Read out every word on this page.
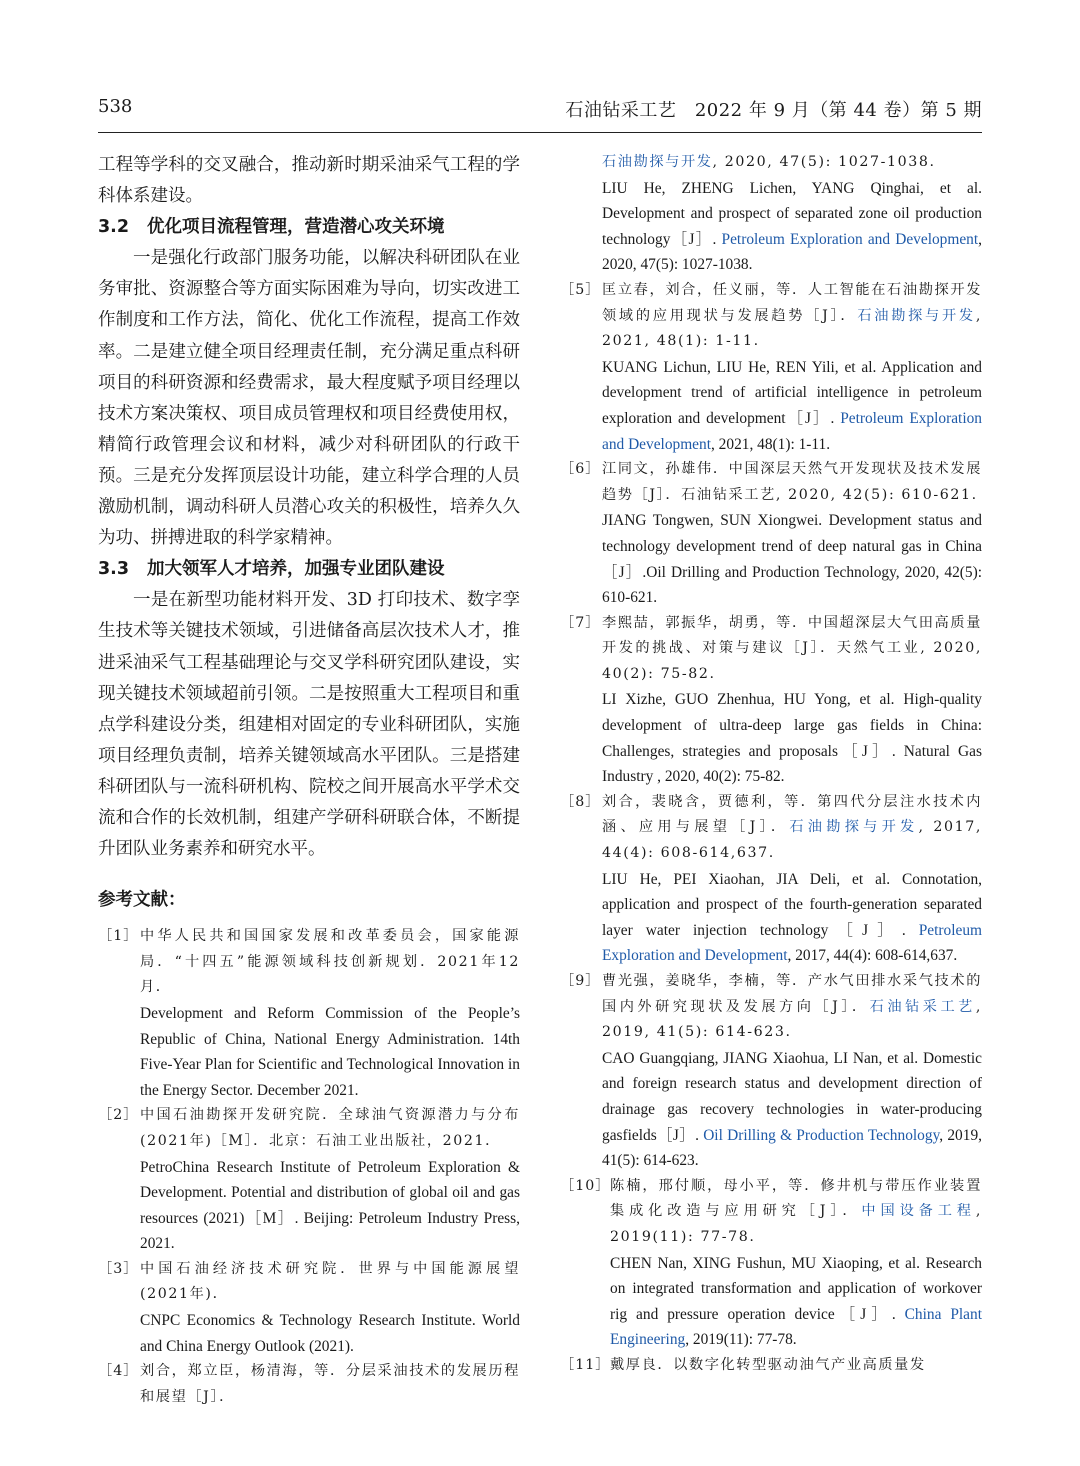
538	石油钻采工艺　2022 年 9 月（第 44 卷）第 5 期

工程等学科的交叉融合，推动新时期采油采气工程的学科体系建设。

3.2 优化项目流程管理，营造潜心攻关环境

一是强化行政部门服务功能，以解决科研团队在业务审批、资源整合等方面实际困难为导向，切实改进工作制度和工作方法，简化、优化工作流程，提高工作效率。二是建立健全项目经理责任制，充分满足重点科研项目的科研资源和经费需求，最大程度赋予项目经理以技术方案决策权、项目成员管理权和项目经费使用权，精简行政管理会议和材料，减少对科研团队的行政干预。三是充分发挥顶层设计功能，建立科学合理的人员激励机制，调动科研人员潜心攻关的积极性，培养久久为功、拼搏进取的科学家精神。

3.3 加大领军人才培养，加强专业团队建设

一是在新型功能材料开发、3D 打印技术、数字孪生技术等关键技术领域，引进储备高层次技术人才，推进采油采气工程基础理论与交叉学科研究团队建设，实现关键技术领域超前引领。二是按照重大工程项目和重点学科建设分类，组建相对固定的专业科研团队，实施项目经理负责制，培养关键领域高水平团队。三是搭建科研团队与一流科研机构、院校之间开展高水平学术交流和合作的长效机制，组建产学研科研联合体，不断提升团队业务素养和研究水平。

参考文献：
［1］ 中华人民共和国国家发展和改革委员会，国家能源局．“十四五”能源领域科技创新规划．2021年12月．
Development and Reform Commission of the People’s Republic of China, National Energy Administration. 14th Five-Year Plan for Scientific and Technological Innovation in the Energy Sector. December 2021.
［2］ 中国石油勘探开发研究院．全球油气资源潜力与分布(2021年)［M］．北京：石油工业出版社，2021．
PetroChina Research Institute of Petroleum Exploration & Development. Potential and distribution of global oil and gas resources (2021)［M］. Beijing: Petroleum Industry Press, 2021.
［3］ 中国石油经济技术研究院．世界与中国能源展望(2021年)．
CNPC Economics & Technology Research Institute. World and China Energy Outlook (2021).
［4］ 刘合，郑立臣，杨清海，等．分层采油技术的发展历程和展望［J］．
石油勘探与开发, 2020, 47(5): 1027-1038.
LIU He, ZHENG Lichen, YANG Qinghai, et al. Development and prospect of separated zone oil production technology［J］. Petroleum Exploration and Development, 2020, 47(5): 1027-1038.
［5］ 匡立春，刘合，任义丽，等．人工智能在石油勘探开发领域的应用现状与发展趋势［J］．石油勘探与开发, 2021, 48(1): 1-11.
KUANG Lichun, LIU He, REN Yili, et al. Application and development trend of artificial intelligence in petroleum exploration and development［J］. Petroleum Exploration and Development, 2021, 48(1): 1-11.
［6］ 江同文，孙雄伟．中国深层天然气开发现状及技术发展趋势［J］．石油钻采工艺, 2020, 42(5): 610-621.
JIANG Tongwen, SUN Xiongwei. Development status and technology development trend of deep natural gas in China［J］.Oil Drilling and Production Technology, 2020, 42(5): 610-621.
［7］ 李熙喆，郭振华，胡勇，等．中国超深层大气田高质量开发的挑战、对策与建议［J］．天然气工业, 2020, 40(2): 75-82.
LI Xizhe, GUO Zhenhua, HU Yong, et al. High-quality development of ultra-deep large gas fields in China: Challenges, strategies and proposals［J］. Natural Gas Industry , 2020, 40(2): 75-82.
［8］ 刘合，裴晓含，贾德利，等．第四代分层注水技术内涵、应用与展望［J］．石油勘探与开发, 2017, 44(4): 608-614,637.
LIU He, PEI Xiaohan, JIA Deli, et al. Connotation, application and prospect of the fourth-generation separated layer water injection technology［J］. Petroleum Exploration and Development, 2017, 44(4): 608-614,637.
［9］ 曹光强，姜晓华，李楠，等．产水气田排水采气技术的国内外研究现状及发展方向［J］．石油钻采工艺, 2019, 41(5): 614-623.
CAO Guangqiang, JIANG Xiaohua, LI Nan, et al. Domestic and foreign research status and development direction of drainage gas recovery technologies in water-producing gasfields［J］. Oil Drilling & Production Technology, 2019, 41(5): 614-623.
［10］ 陈楠，邢付顺，母小平，等．修井机与带压作业装置集成化改造与应用研究［J］．中国设备工程, 2019(11): 77-78.
CHEN Nan, XING Fushun, MU Xiaoping, et al. Research on integrated transformation and application of workover rig and pressure operation device［J］. China Plant Engineering, 2019(11): 77-78.
［11］ 戴厚良．以数字化转型驱动油气产业高质量发
